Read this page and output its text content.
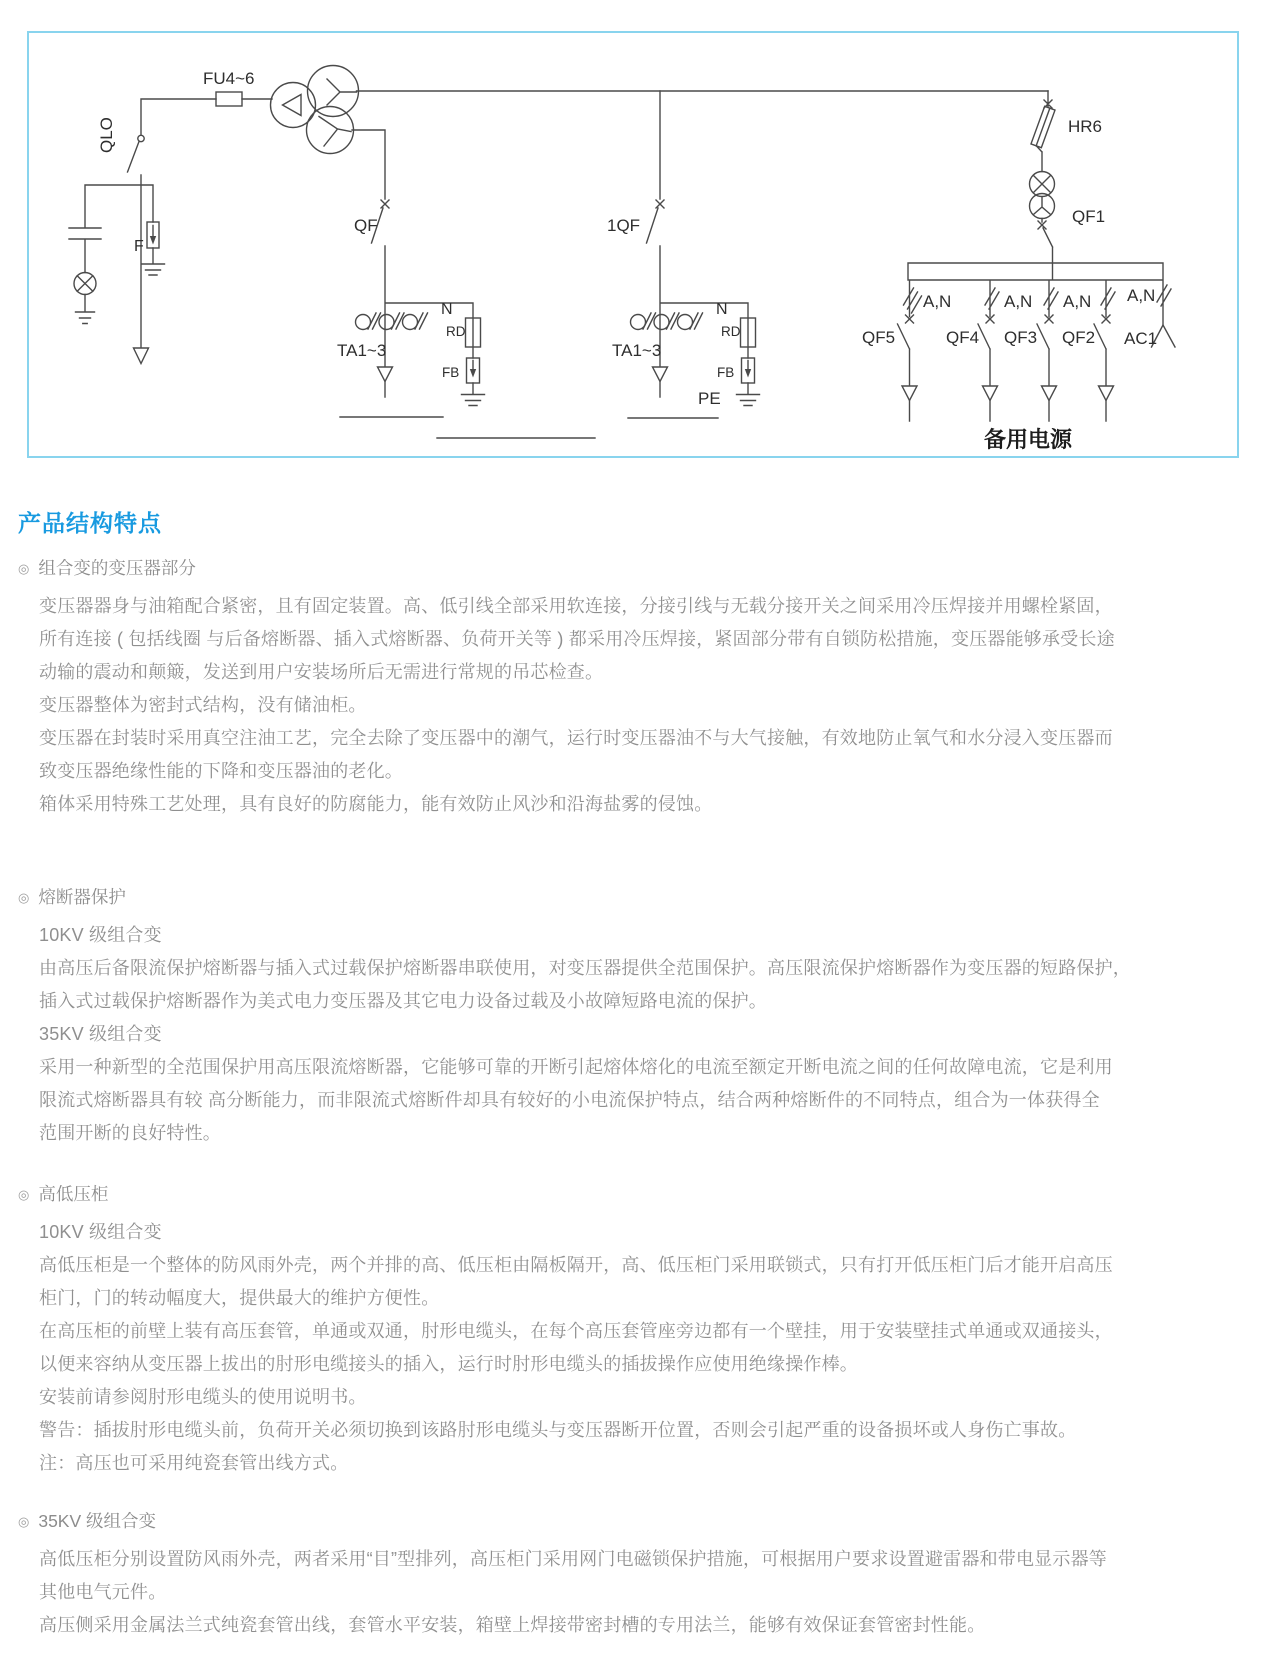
FU4~6
QLO
F
QF
TA1~3
N
RD
FB
1QF
TA1~3
N
RD
FB
PE
HR6
QF1
A,N	A,N A,N A,N
QF5	QF4 QF3 QF2 AC1
备用电源
产品结构特点
◎ 组合变的变压器部分
变压器器身与油箱配合紧密，且有固定装置。高、低引线全部采用软连接，分接引线与无载分接开关之间采用冷压焊接并用螺栓紧固，
所有连接 ( 包括线圈 与后备熔断器、插入式熔断器、负荷开关等 ) 都采用冷压焊接，紧固部分带有自锁防松措施，变压器能够承受长途
动输的震动和颠簸，发送到用户安装场所后无需进行常规的吊芯检查。
变压器整体为密封式结构，没有储油柜。
变压器在封装时采用真空注油工艺，完全去除了变压器中的潮气，运行时变压器油不与大气接触，有效地防止氧气和水分浸入变压器而
致变压器绝缘性能的下降和变压器油的老化。
箱体采用特殊工艺处理，具有良好的防腐能力，能有效防止风沙和沿海盐雾的侵蚀。
◎ 熔断器保护
10KV 级组合变
由高压后备限流保护熔断器与插入式过载保护熔断器串联使用，对变压器提供全范围保护。高压限流保护熔断器作为变压器的短路保护，
插入式过载保护熔断器作为美式电力变压器及其它电力设备过载及小故障短路电流的保护。
35KV 级组合变
采用一种新型的全范围保护用高压限流熔断器，它能够可靠的开断引起熔体熔化的电流至额定开断电流之间的任何故障电流，它是利用
限流式熔断器具有较 高分断能力，而非限流式熔断件却具有较好的小电流保护特点，结合两种熔断件的不同特点，组合为一体获得全
范围开断的良好特性。
◎ 高低压柜
10KV 级组合变
高低压柜是一个整体的防风雨外壳，两个并排的高、低压柜由隔板隔开，高、低压柜门采用联锁式，只有打开低压柜门后才能开启高压
柜门，门的转动幅度大，提供最大的维护方便性。
在高压柜的前壁上装有高压套管，单通或双通，肘形电缆头，在每个高压套管座旁边都有一个壁挂，用于安装壁挂式单通或双通接头，
以便来容纳从变压器上拔出的肘形电缆接头的插入，运行时肘形电缆头的插拔操作应使用绝缘操作棒。
安装前请参阅肘形电缆头的使用说明书。
警告：插拔肘形电缆头前，负荷开关必须切换到该路肘形电缆头与变压器断开位置，否则会引起严重的设备损坏或人身伤亡事故。
注：高压也可采用纯瓷套管出线方式。
◎ 35KV 级组合变
高低压柜分别设置防风雨外壳，两者采用“目”型排列，高压柜门采用网门电磁锁保护措施，可根据用户要求设置避雷器和带电显示器等
其他电气元件。
高压侧采用金属法兰式纯瓷套管出线，套管水平安装，箱壁上焊接带密封槽的专用法兰，能够有效保证套管密封性能。
